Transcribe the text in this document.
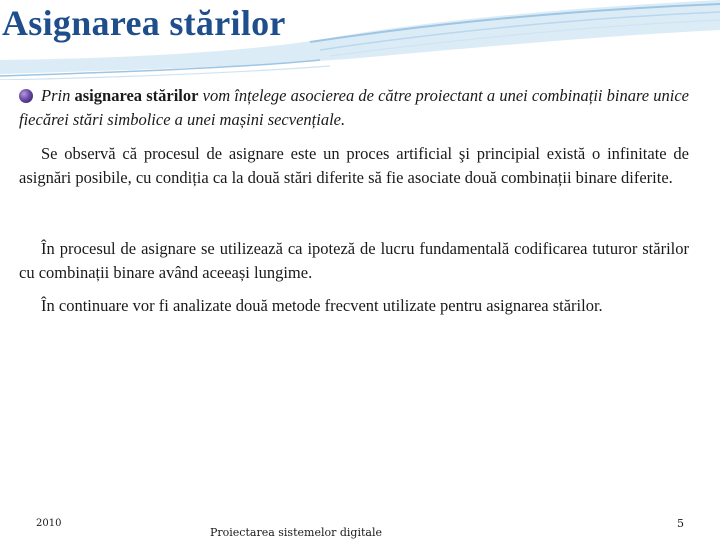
Asignarea stărilor

Prin asignarea stărilor vom înțelege asocierea de către proiectant a unei combinații binare unice fiecărei stări simbolice a unei mașini secvențiale.

Se observă că procesul de asignare este un proces artificial şi principial există o infinitate de asignări posibile, cu condiția ca la două stări diferite să fie asociate două combinații binare diferite.

În procesul de asignare se utilizează ca ipoteză de lucru fundamentală codificarea tuturor stărilor cu combinații binare având aceeași lungime.

În continuare vor fi analizate două metode frecvent utilizate pentru asignarea stărilor.

2010
Proiectarea sistemelor digitale
5
